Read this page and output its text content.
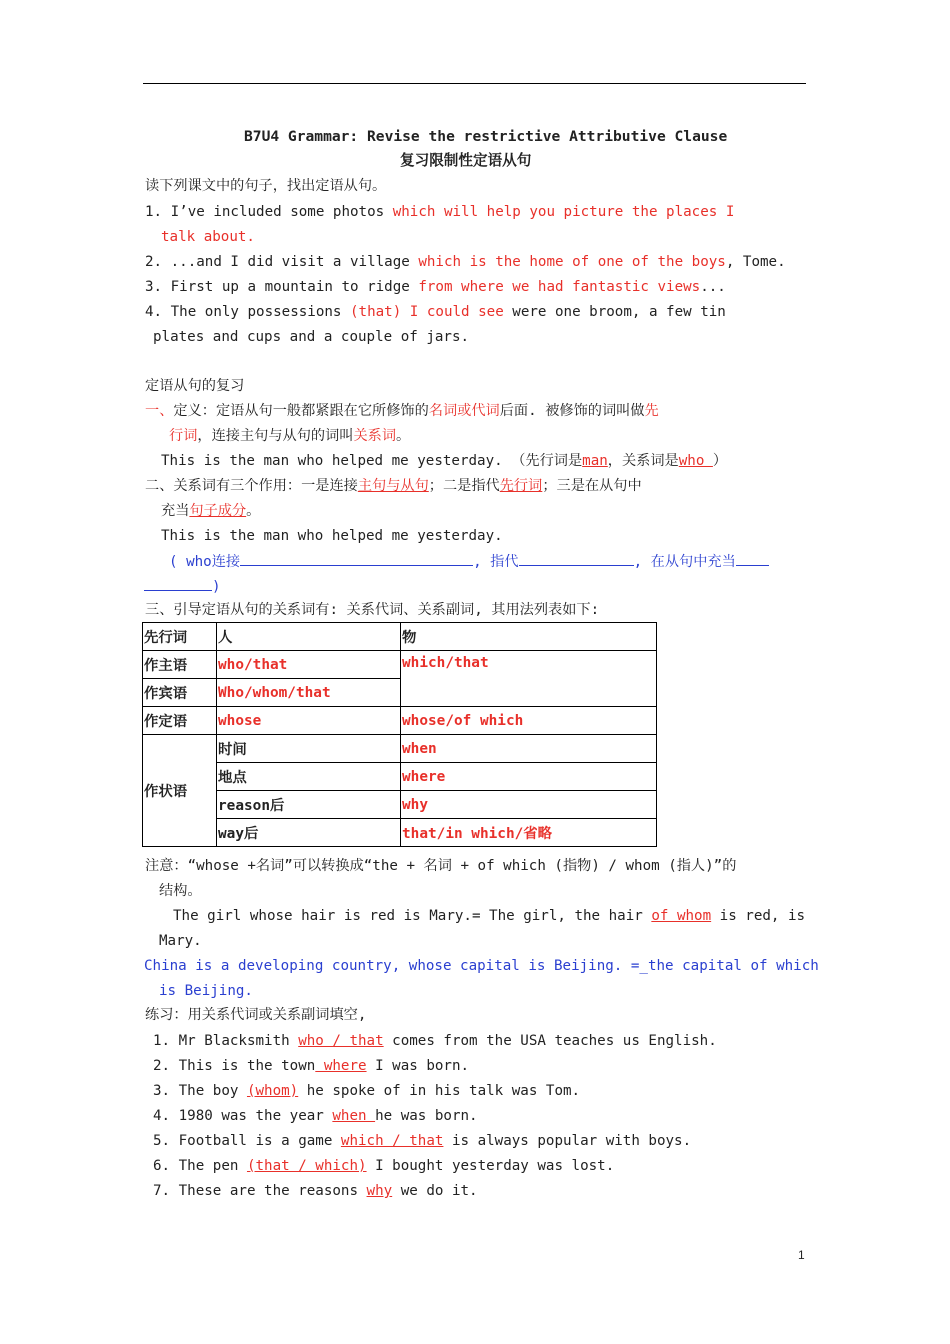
B7U4 Grammar: Revise the restrictive Attributive Clause
复习限制性定语从句
读下列课文中的句子，找出定语从句。
1. I’ve included some photos which will help you picture the places I
talk about.
2. ...and I did visit a village which is the home of one of the boys, Tome.
3. First up a mountain to ridge from where we had fantastic views...
4. The only possessions (that) I could see were one broom, a few tin
plates and cups and a couple of jars.
定语从句的复习
一、定义：定语从句一般都紧跟在它所修饰的名词或代词后面. 被修饰的词叫做先
行词，连接主句与从句的词叫关系词。
This is the man who helped me yesterday. （先行词是man，关系词是who ）
二、关系词有三个作用：一是连接主句与从句；二是指代先行词；三是在从句中
充当句子成分。
This is the man who helped me yesterday.
( who连接	, 指代	, 在从句中充当
)
三、引导定语从句的关系词有: 关系代词、关系副词, 其用法列表如下:
先行词	人	物
作主语	who/that	which/that
作宾语	Who/whom/that	
作定语	whose	whose/of which
作状语	时间	when
	地点	where
	reason后	why
	way后	that/in which/省略
注意：“whose +名词”可以转换成“the + 名词 + of which (指物) / whom (指人)”的
结构。
The girl whose hair is red is Mary.= The girl, the hair of whom is red, is
Mary.
China is a developing country, whose capital is Beijing. =_the capital of which
is Beijing.
练习：用关系代词或关系副词填空,
1. Mr Blacksmith who / that comes from the USA teaches us English.
2. This is the town where I was born.
3. The boy (whom) he spoke of in his talk was Tom.
4. 1980 was the year when he was born.
5. Football is a game which / that is always popular with boys.
6. The pen (that / which) I bought yesterday was lost.
7. These are the reasons why we do it.
1
